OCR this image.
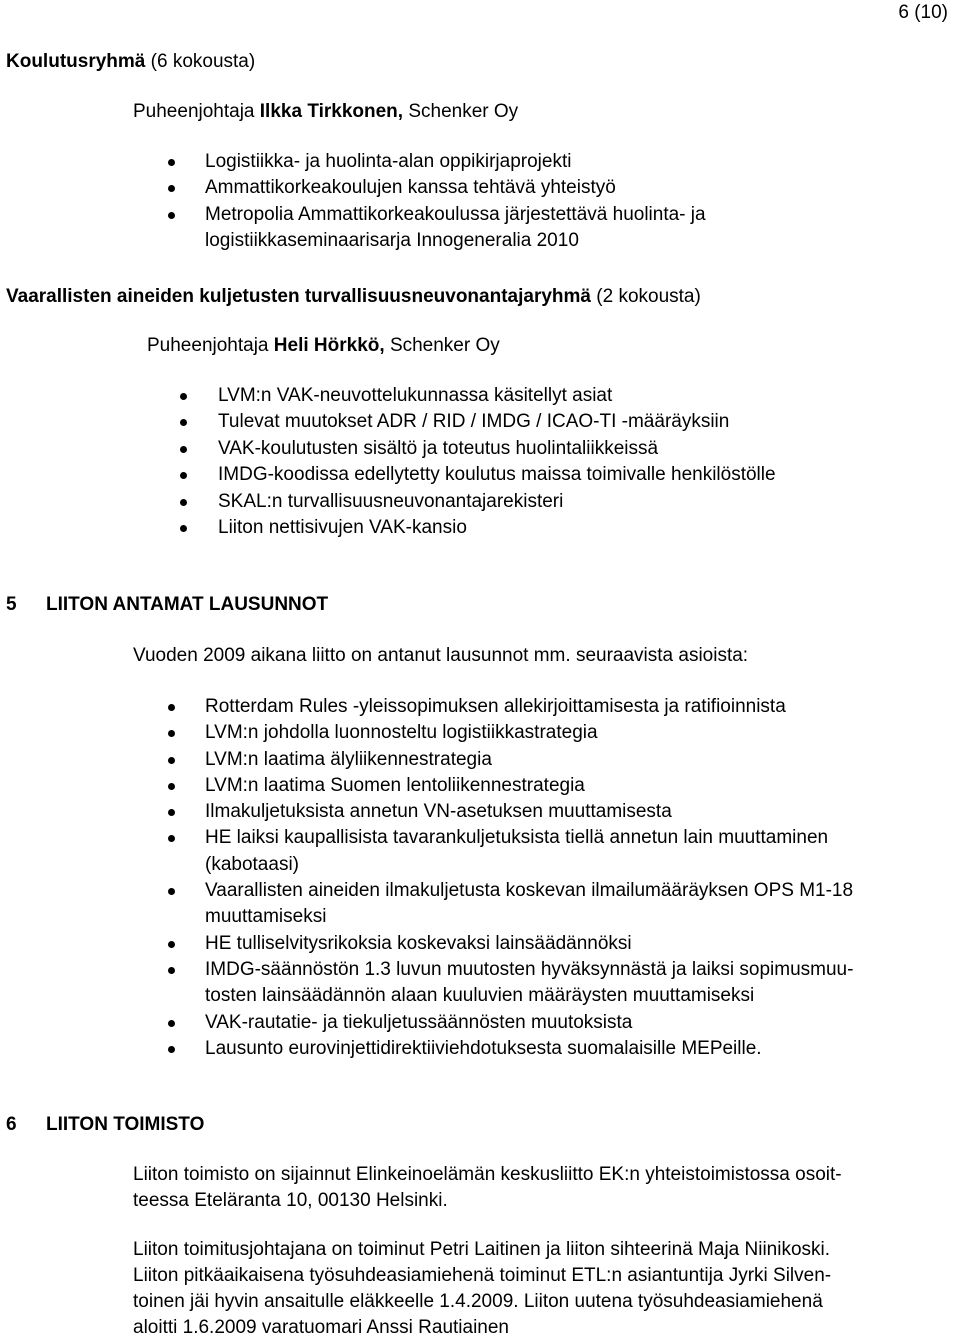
6 (10)
Koulutusryhmä (6 kokousta)
Puheenjohtaja Ilkka Tirkkonen, Schenker Oy
Logistiikka- ja huolinta-alan oppikirjaprojekti
Ammattikorkeakoulujen kanssa tehtävä yhteistyö
Metropolia Ammattikorkeakoulussa järjestettävä huolinta- ja
logistiikkaseminaarisarja Innogeneralia 2010
Vaarallisten aineiden kuljetusten turvallisuusneuvonantajaryhmä (2 kokousta)
Puheenjohtaja Heli Hörkkö, Schenker Oy
LVM:n VAK-neuvottelukunnassa käsitellyt asiat
Tulevat muutokset ADR / RID / IMDG / ICAO-TI -määräyksiin
VAK-koulutusten sisältö ja toteutus huolintaliikkeissä
IMDG-koodissa edellytetty koulutus maissa toimivalle henkilöstölle
SKAL:n turvallisuusneuvonantajarekisteri
Liiton nettisivujen VAK-kansio
5 LIITON ANTAMAT LAUSUNNOT
Vuoden 2009 aikana liitto on antanut lausunnot mm. seuraavista asioista:
Rotterdam Rules -yleissopimuksen allekirjoittamisesta ja ratifioinnista
LVM:n johdolla luonnosteltu logistiikkastrategia
LVM:n laatima älyliikennestrategia
LVM:n laatima Suomen lentoliikennestrategia
Ilmakuljetuksista annetun VN-asetuksen muuttamisesta
HE laiksi kaupallisista tavarankuljetuksista tiellä annetun lain muuttaminen
(kabotaasi)
Vaarallisten aineiden ilmakuljetusta koskevan ilmailumääräyksen OPS M1-18
muuttamiseksi
HE tulliselvitysrikoksia koskevaksi lainsäädännöksi
IMDG-säännöstön 1.3 luvun muutosten hyväksynnästä ja laiksi sopimusmuu-
tosten lainsäädännön alaan kuuluvien määräysten muuttamiseksi
VAK-rautatie- ja tiekuljetussäännösten muutoksista
Lausunto eurovinjettidirektiiviehdotuksesta suomalaisille MEPeille.
6 LIITON TOIMISTO
Liiton toimisto on sijainnut Elinkeinoelämän keskusliitto EK:n yhteistoimistossa osoit-
teessa Eteläranta 10, 00130 Helsinki.
Liiton toimitusjohtajana on toiminut Petri Laitinen ja liiton sihteerinä Maja Niinikoski.
Liiton pitkäaikaisena työsuhdeasiamiehenä toiminut ETL:n asiantuntija Jyrki Silven-
toinen jäi hyvin ansaitulle eläkkeelle 1.4.2009. Liiton uutena työsuhdeasiamiehenä
aloitti 1.6.2009 varatuomari Anssi Rautiainen
